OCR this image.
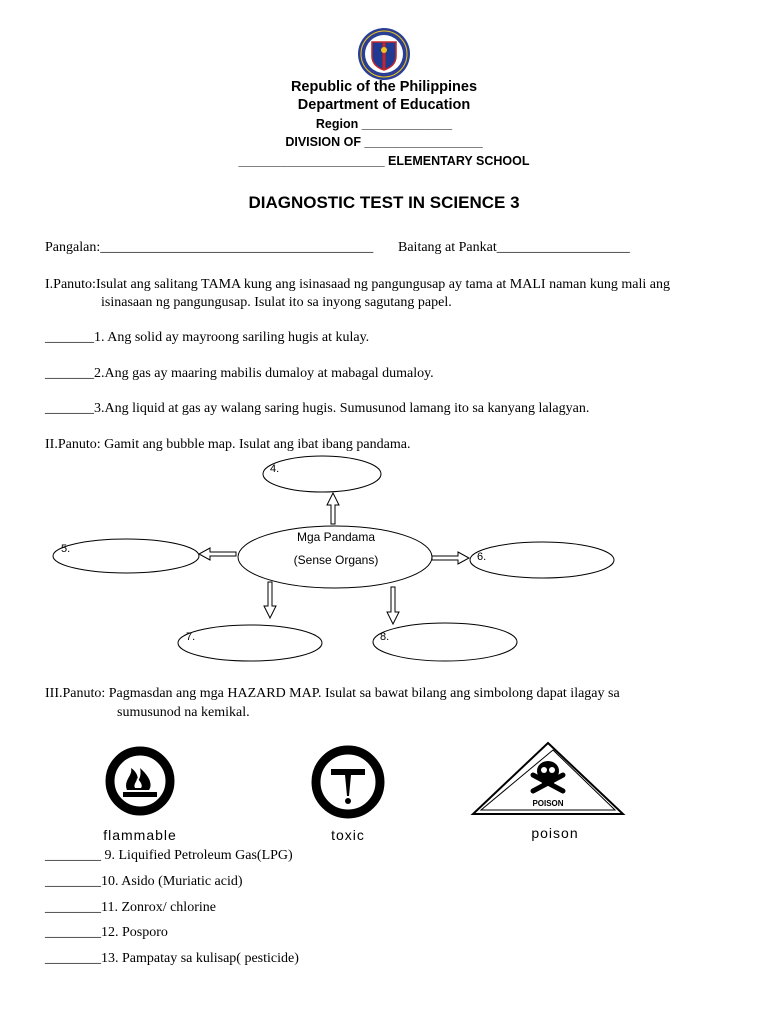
Republic of the Philippines
Department of Education
Region _____________
DIVISION OF _________________
_____________________ ELEMENTARY SCHOOL
DIAGNOSTIC TEST IN SCIENCE 3
Pangalan:_______________________________________ Baitang at Pankat___________________
I.Panuto:Isulat ang salitang TAMA kung ang isinasaad ng pangungusap ay tama at MALI naman kung mali ang
isinasaan ng pangungusap. Isulat ito sa inyong sagutang papel.
_______1. Ang solid ay mayroong sariling hugis at kulay.
_______2.Ang gas ay maaring mabilis dumaloy at mabagal dumaloy.
_______3.Ang liquid at gas ay walang saring hugis. Sumusunod lamang ito sa kanyang lalagyan.
II.Panuto: Gamit ang bubble map. Isulat ang ibat ibang pandama.
4.
5.
6.
7.	8.
Mga Pandama
(Sense Organs)
III.Panuto: Pagmasdan ang mga HAZARD MAP. Isulat sa bawat bilang ang simbolong dapat ilagay sa
sumusunod na kemikal.
POISON
flammable	toxic	poison
________ 9. Liquified Petroleum Gas(LPG)
________10. Asido (Muriatic acid)
________11. Zonrox/ chlorine
________12. Posporo
________13. Pampatay sa kulisap( pesticide)
